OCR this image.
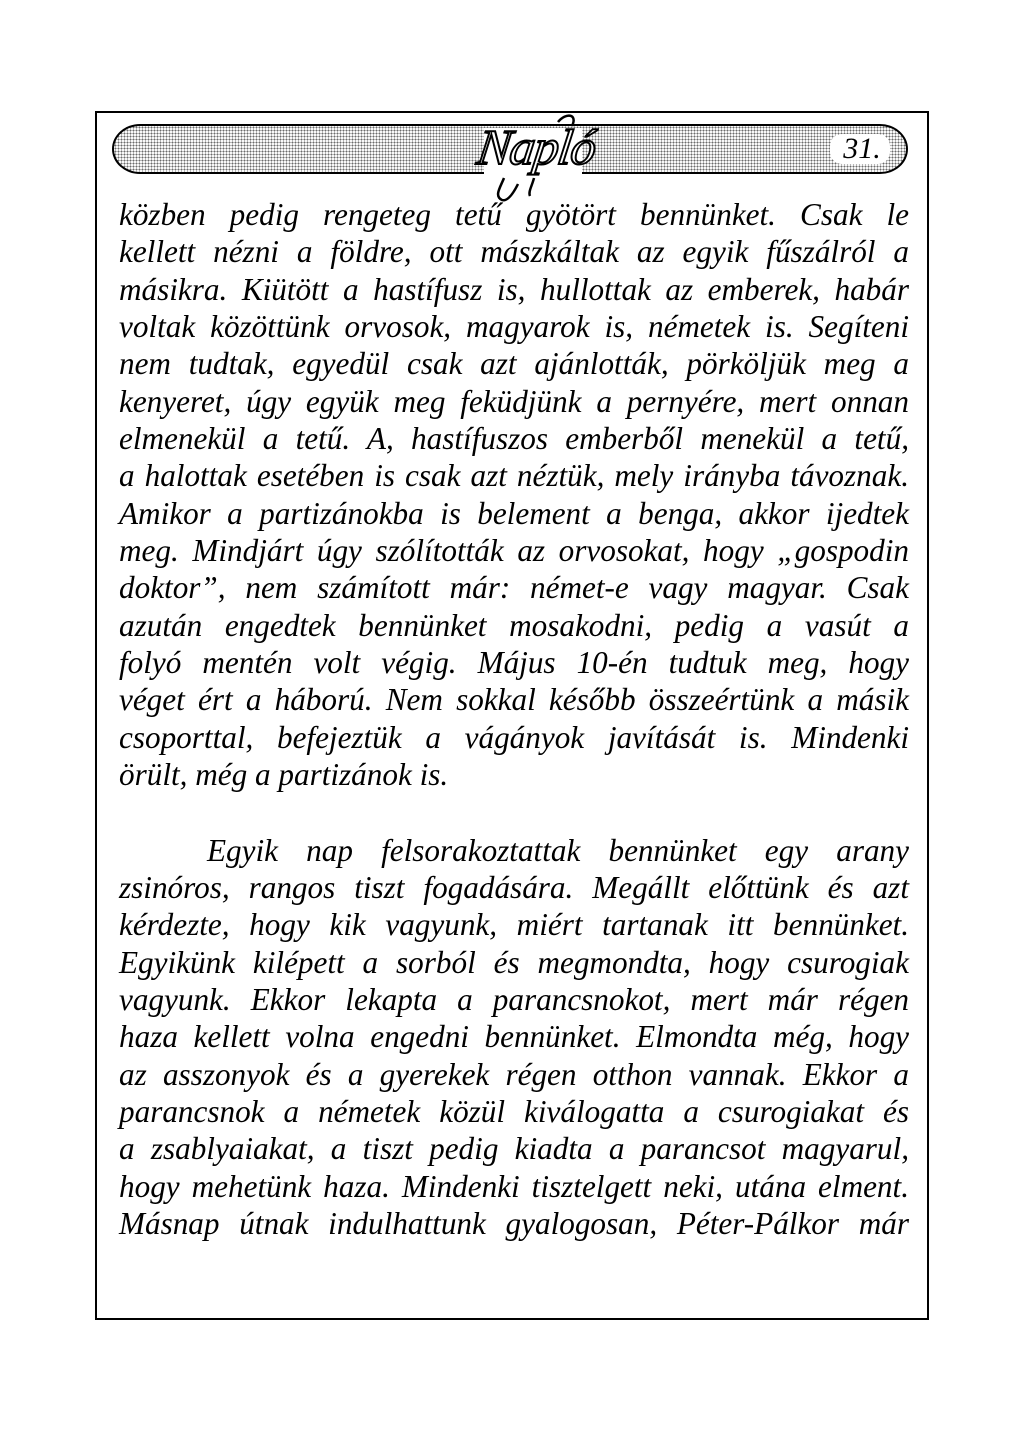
31.
Napló
közben pedig rengeteg tetű gyötört bennünket. Csak le
kellett nézni a földre, ott mászkáltak az egyik fűszálról a
másikra. Kiütött a hastífusz is, hullottak az emberek, habár
voltak közöttünk orvosok, magyarok is, németek is. Segíteni
nem tudtak, egyedül csak azt ajánlották, pörköljük meg a
kenyeret, úgy együk meg feküdjünk a pernyére, mert onnan
elmenekül a tetű. A, hastífuszos emberből menekül a tetű,
a halottak esetében is csak azt néztük, mely irányba távoznak.
Amikor a partizánokba is belement a benga, akkor ijedtek
meg. Mindjárt úgy szólították az orvosokat, hogy „gospodin
doktor”, nem számított már: német-e vagy magyar. Csak
azután engedtek bennünket mosakodni, pedig a vasút a
folyó mentén volt végig. Május 10-én tudtuk meg, hogy
véget ért a háború. Nem sokkal később összeértünk a másik
csoporttal, befejeztük a vágányok javítását is. Mindenki
örült, még a partizánok is.
Egyik nap felsorakoztattak bennünket egy arany
zsinóros, rangos tiszt fogadására. Megállt előttünk és azt
kérdezte, hogy kik vagyunk, miért tartanak itt bennünket.
Egyikünk kilépett a sorból és megmondta, hogy csurogiak
vagyunk. Ekkor lekapta a parancsnokot, mert már régen
haza kellett volna engedni bennünket. Elmondta még, hogy
az asszonyok és a gyerekek régen otthon vannak. Ekkor a
parancsnok a németek közül kiválogatta a csurogiakat és
a zsablyaiakat, a tiszt pedig kiadta a parancsot magyarul,
hogy mehetünk haza. Mindenki tisztelgett neki, utána elment.
Másnap útnak indulhattunk gyalogosan, Péter-Pálkor már
